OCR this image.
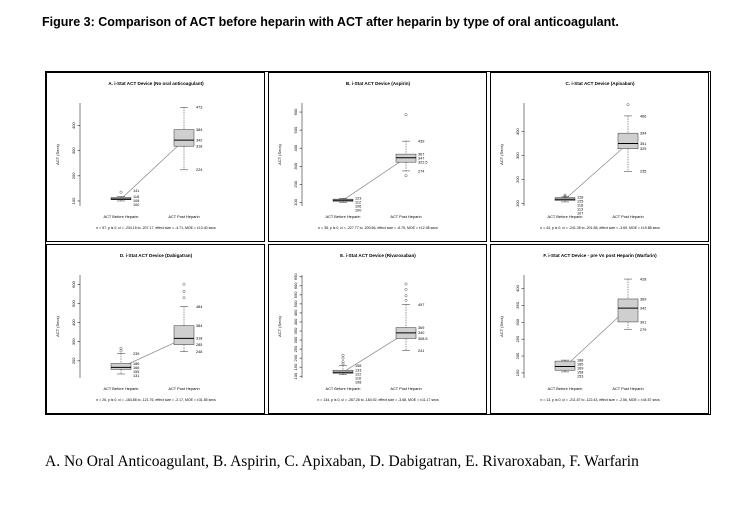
Figure 3: Comparison of ACT before heparin with ACT after heparin by type of oral anticoagulant.
A. i-Stat ACT Device (No oral anticoagulant)
100
200
300
400
ACT (Secs)
141
118
108
100
473
384
342
318
224
ACT Before Heparin	ACT Post Heparin
n = 57, p is 0, ci = -234.15 to -207.17, effect size = -4.71, MOE = ±13.40 secs
B. i-Stat ACT Device (Aspirin)
100
200
300
400
500
600
ACT (Secs)
123
112
106
100
439
367
347
322.5
274
ACT Before Heparin	ACT Post Heparin
n = 35, p is 0, ci = -227.77 to -200.66, effect size = -6.75, MOE = ±12.08 secs
C. i-Stat ACT Device (Apixaban)
100
200
300
400
ACT (Secs)
128
125
118
113
107
466
394
351
329
235
ACT Before Heparin	ACT Post Heparin
n = 44, p is 0, ci = -241.35 to -201.58, effect size = -3.69, MOE = ±19.88 secs
D. i-Stat ACT Device (Dabigatran)
200
300
400
500
600
ACT (Secs)
239
186
166
155
131
484
384
318
285
248
ACT Before Heparin	ACT Post Heparin
n = 26, p is 0, ci = -184.86 to -121.76, effect size = -2.17, MOE = ±31.55 secs
E. i-Stat ACT Device (Rivaroxaban)
100
150
200
250
300
350
400
450
500
550
600
650
ACT (Secs)
158
133
122
116
108
497
369
340
308.5
241
ACT Before Heparin	ACT Post Heparin
n = 134, p is 0, ci = -267.26 to -184.92, effect size = -3.68, MOE = ±11.17 secs
F. i-Stat ACT Device - pre Vs post Heparin (Warfarin)
150
200
250
300
350
400
ACT (Secs)
188
185
169
158
153
428
369
342
301
279
ACT Before Heparin	ACT Post Heparin
n = 13, p is 0, ci = -211.57 to -122.43, effect size = -2.56, MOE = ±44.57 secs
A. No Oral Anticoagulant, B. Aspirin, C. Apixaban, D. Dabigatran, E. Rivaroxaban, F. Warfarin
